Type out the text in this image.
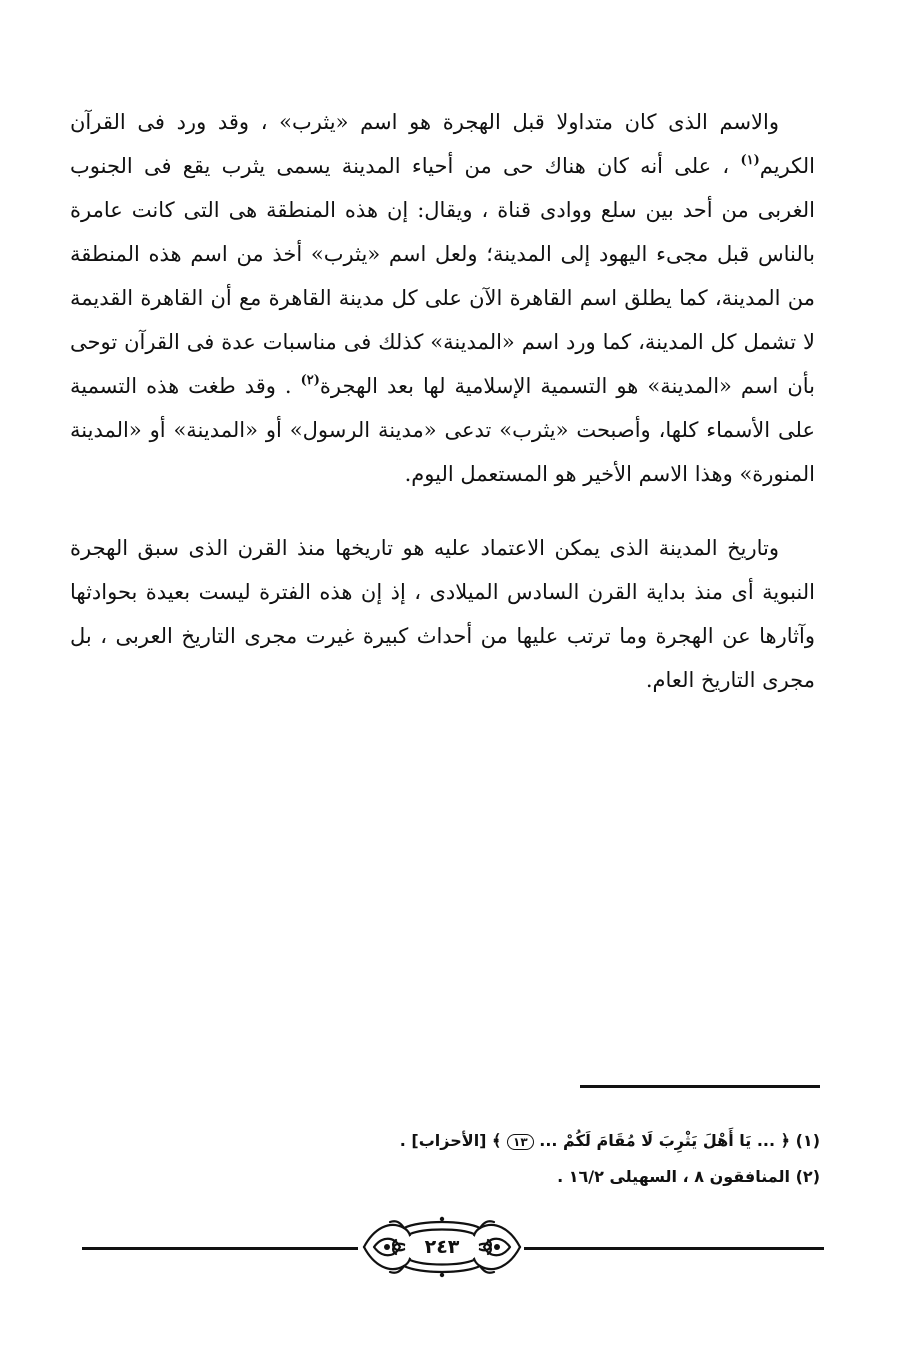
والاسم الذى كان متداولا قبل الهجرة هو اسم «يثرب» ، وقد ورد فى القرآن الكريم$^{(١)}$ ، على أنه كان هناك حى من أحياء المدينة يسمى يثرب يقع فى الجنوب الغربى من أحد بين سلع ووادى قناة ، ويقال: إن هذه المنطقة هى التى كانت عامرة بالناس قبل مجىء اليهود إلى المدينة؛ ولعل اسم «يثرب» أخذ من اسم هذه المنطقة من المدينة، كما يطلق اسم القاهرة الآن على كل مدينة القاهرة مع أن القاهرة القديمة لا تشمل كل المدينة، كما ورد اسم «المدينة» كذلك فى مناسبات عدة فى القرآن توحى بأن اسم «المدينة» هو التسمية الإسلامية لها بعد الهجرة$^{(٢)}$ . وقد طغت هذه التسمية على الأسماء كلها، وأصبحت «يثرب» تدعى «مدينة الرسول» أو «المدينة» أو «المدينة المنورة» وهذا الاسم الأخير هو المستعمل اليوم.

وتاريخ المدينة الذى يمكن الاعتماد عليه هو تاريخها منذ القرن الذى سبق الهجرة النبوية أى منذ بداية القرن السادس الميلادى ، إذ إن هذه الفترة ليست بعيدة بحوادثها وآثارها عن الهجرة وما ترتب عليها من أحداث كبيرة غيرت مجرى التاريخ العربى ، بل مجرى التاريخ العام.

(١) ﴿ ... يَا أَهْلَ يَثْرِبَ لَا مُقَامَ لَكُمْ ... ١٣ ﴾ [الأحزاب] .

(٢) المنافقون ٨ ، السهيلى ١٦/٢ .

٢٤٣
